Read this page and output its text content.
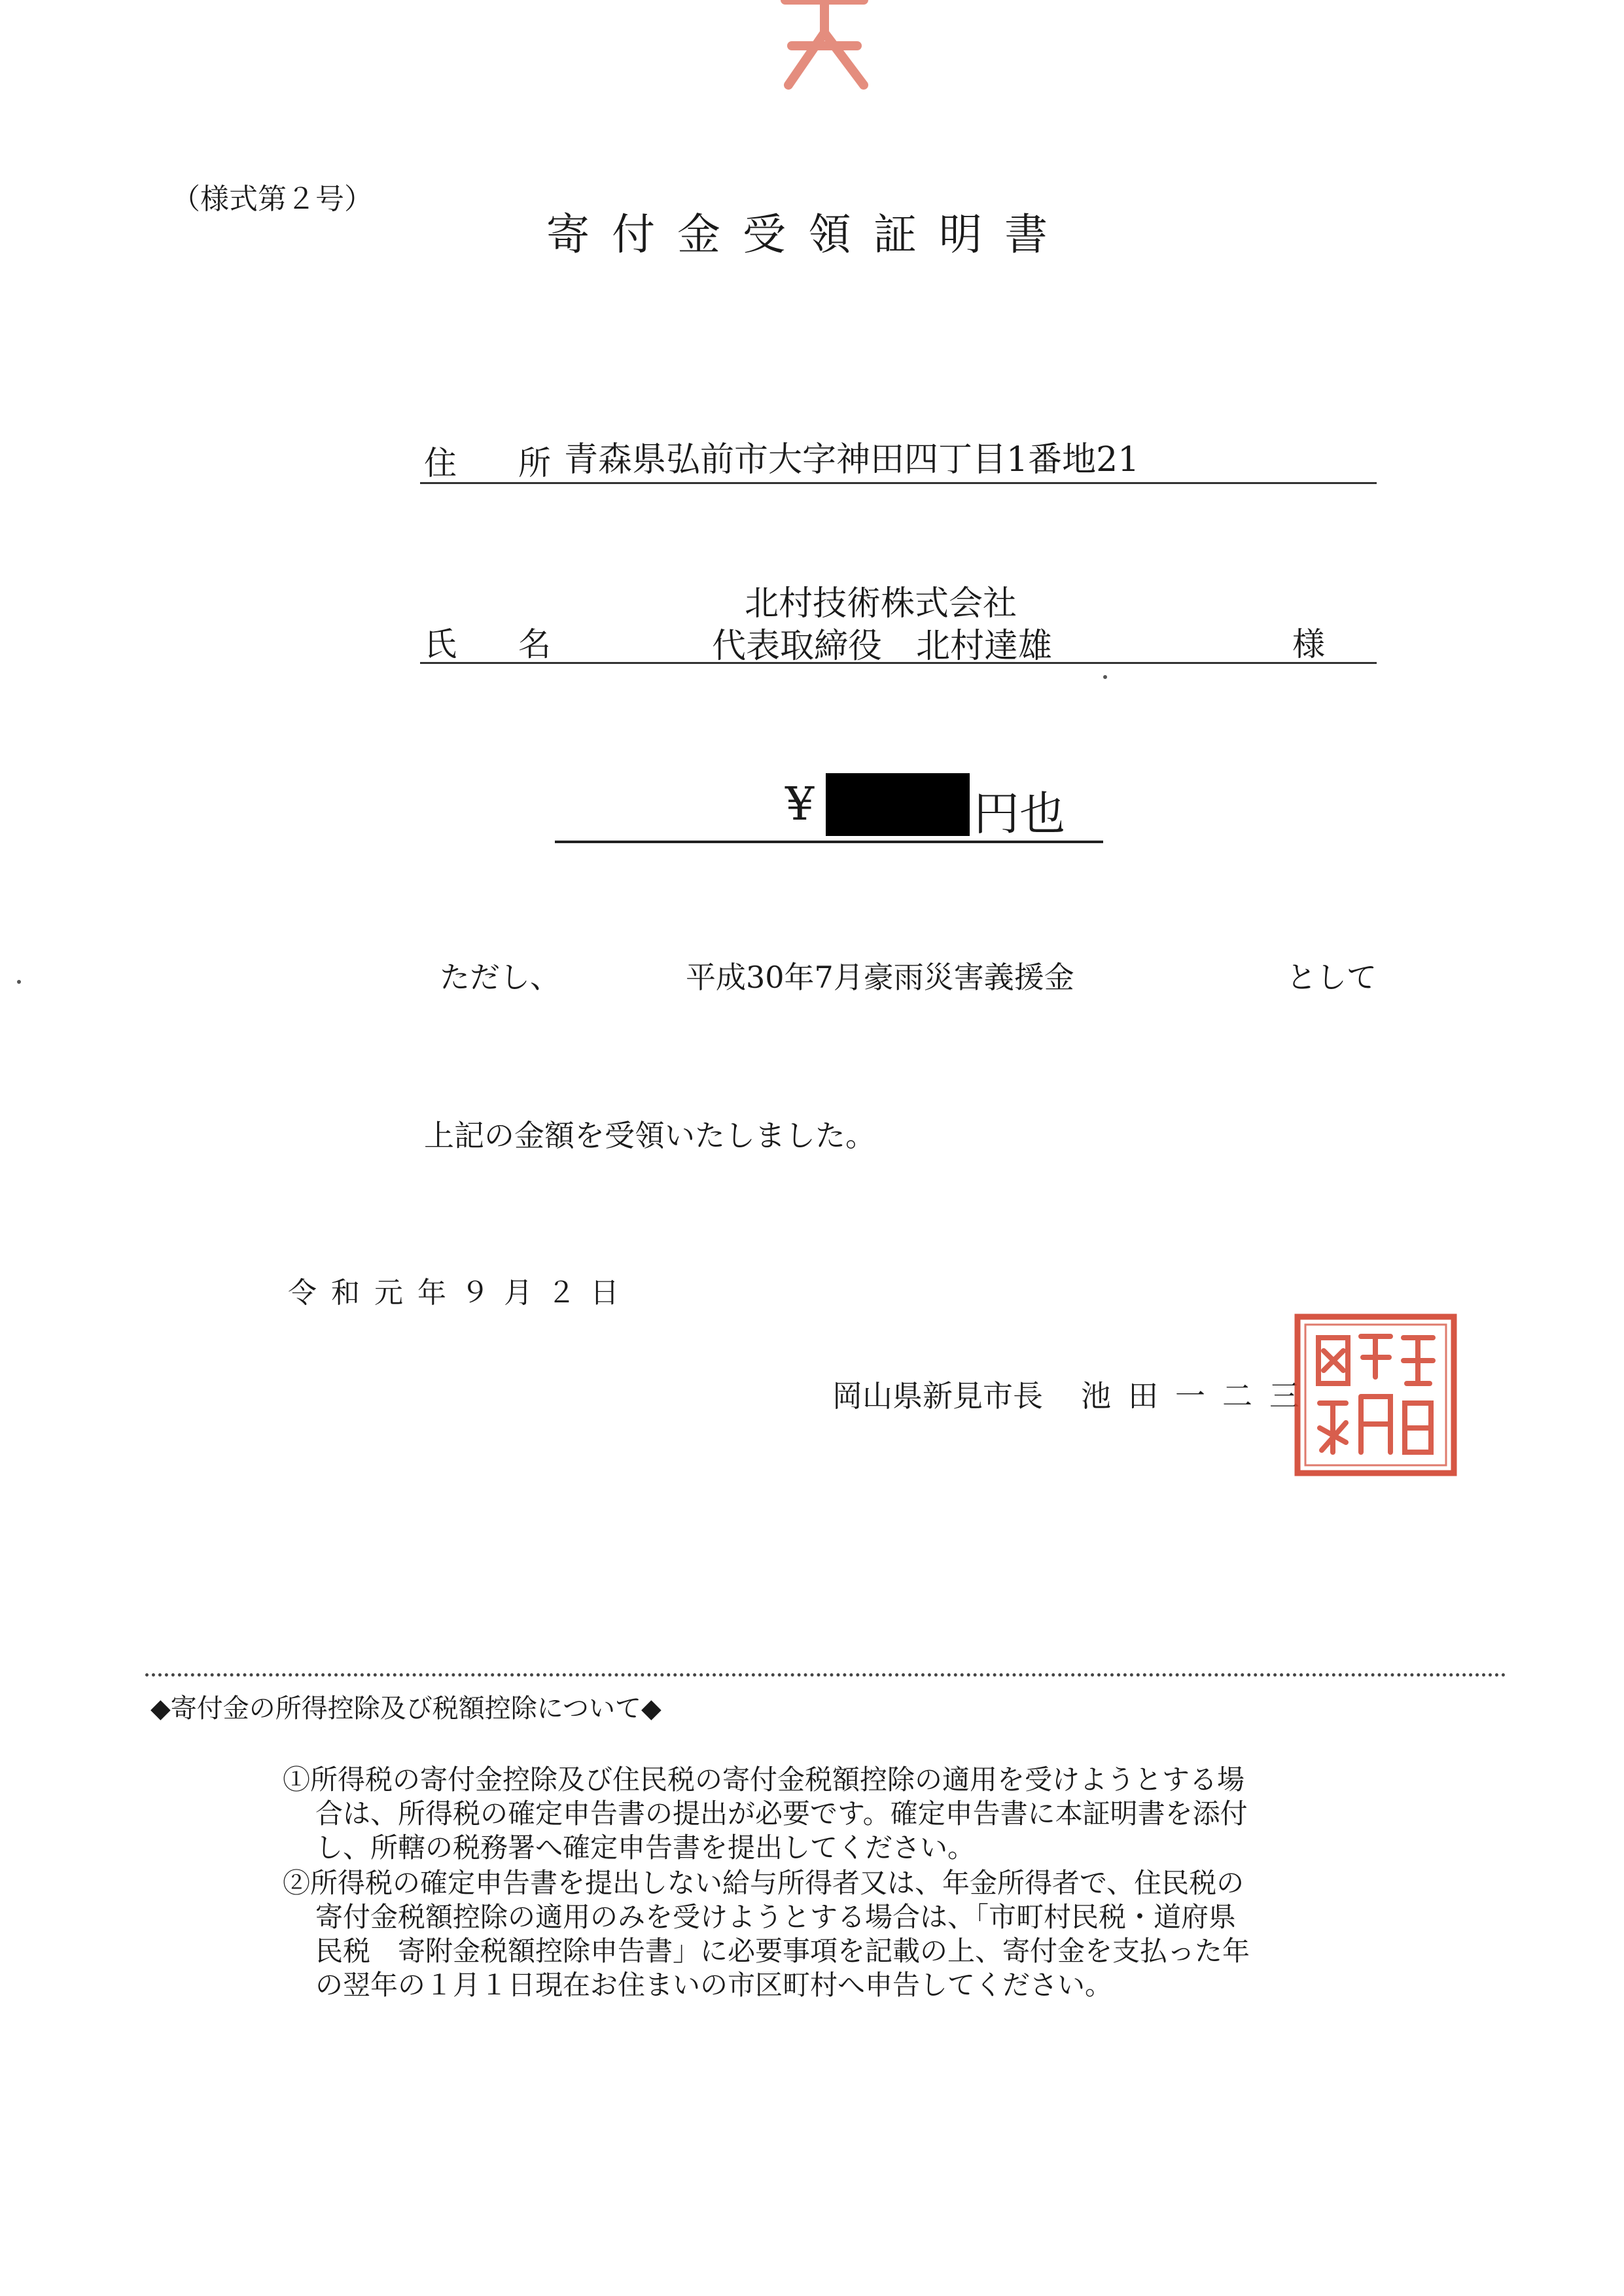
（様式第２号）
寄付金受領証明書
住 所 青森県弘前市大字神田四丁目1番地21
氏 名
北村技術株式会社
代表取締役　北村達雄	様
¥	円也
ただし、	平成30年7月豪雨災害義援金	として
上記の金額を受領いたしました。
令和元年９月２日
岡山県新見市長 池田一二三
◆寄付金の所得控除及び税額控除について◆
①所得税の寄付金控除及び住民税の寄付金税額控除の適用を受けようとする場
合は、所得税の確定申告書の提出が必要です。確定申告書に本証明書を添付
し、所轄の税務署へ確定申告書を提出してください。
②所得税の確定申告書を提出しない給与所得者又は、年金所得者で、住民税の
寄付金税額控除の適用のみを受けようとする場合は、「市町村民税・道府県
民税　寄附金税額控除申告書」に必要事項を記載の上、寄付金を支払った年
の翌年の１月１日現在お住まいの市区町村へ申告してください。
